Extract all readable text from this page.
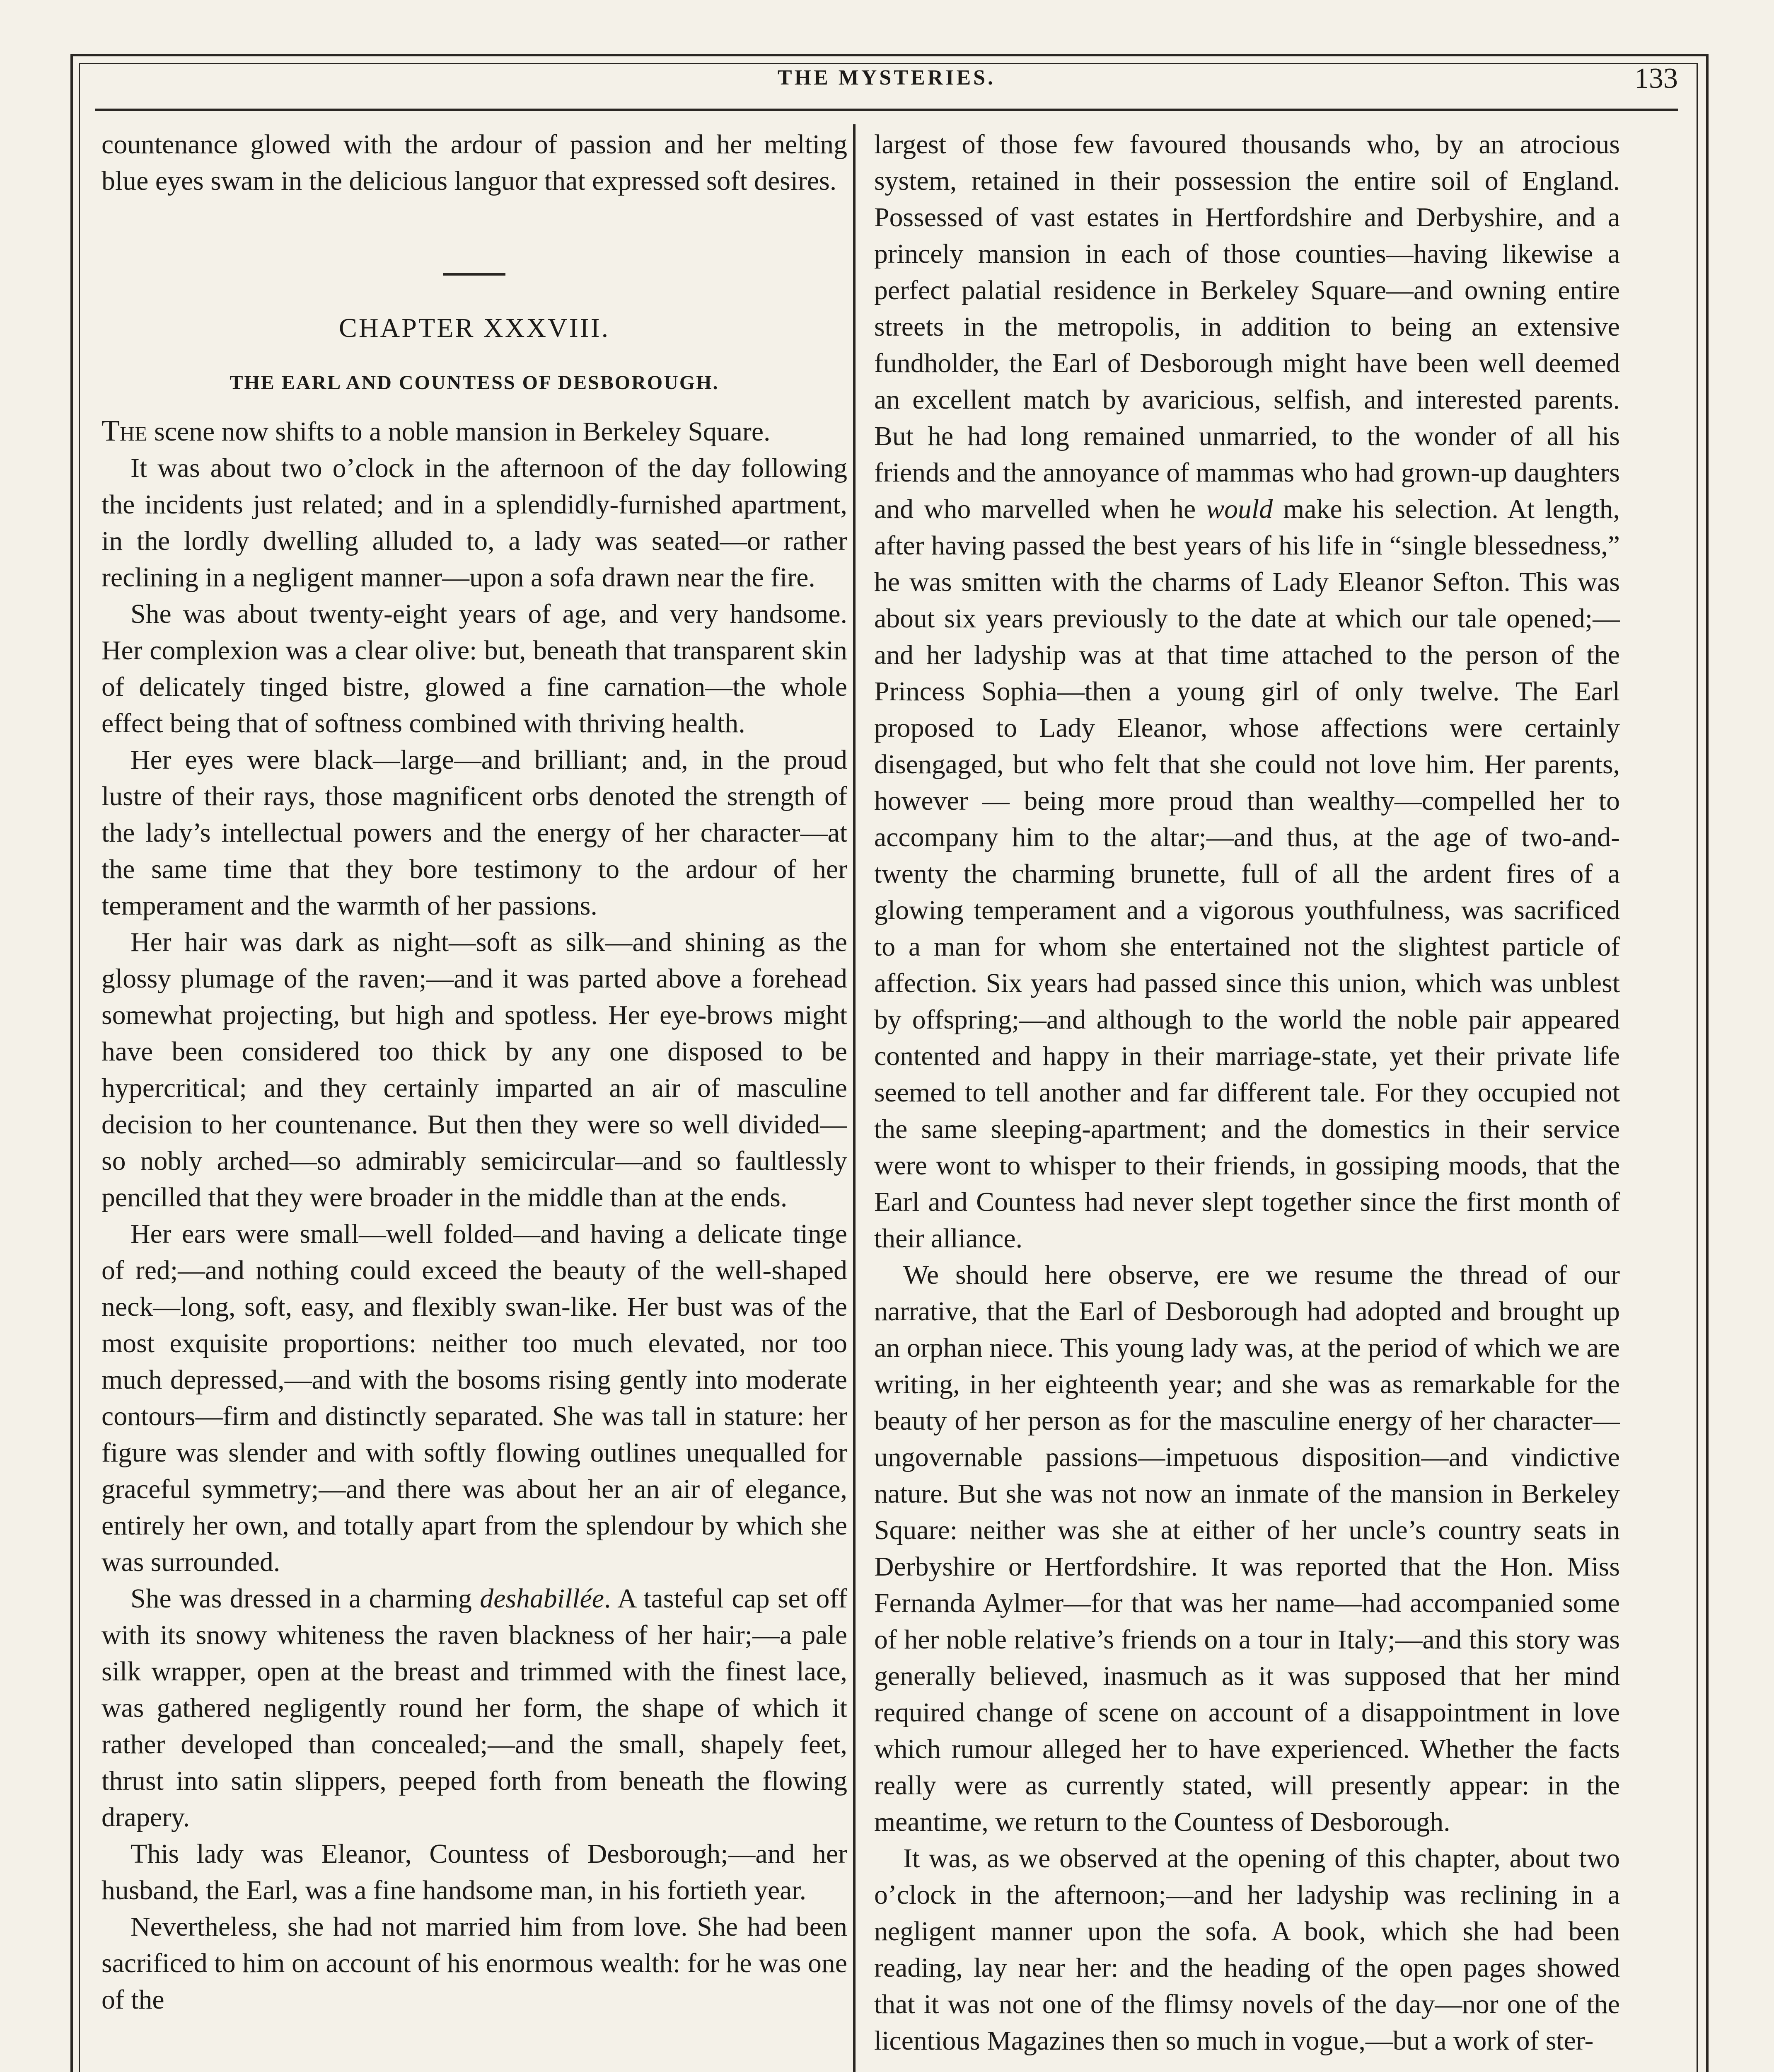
THE MYSTERIES.	133

countenance glowed with the ardour of passion and her melting blue eyes swam in the delicious languor that expressed soft desires.

CHAPTER XXXVIII.
THE EARL AND COUNTESS OF DESBOROUGH.

The scene now shifts to a noble mansion in Berkeley Square.

It was about two o’clock in the afternoon of the day following the incidents just related; and in a splendidly-furnished apartment, in the lordly dwelling alluded to, a lady was seated—or rather reclining in a negligent manner—upon a sofa drawn near the fire.

She was about twenty-eight years of age, and very handsome. Her complexion was a clear olive: but, beneath that transparent skin of delicately tinged bistre, glowed a fine carnation—the whole effect being that of softness combined with thriving health.

Her eyes were black—large—and brilliant; and, in the proud lustre of their rays, those magnificent orbs denoted the strength of the lady’s intellectual powers and the energy of her character—at the same time that they bore testimony to the ardour of her temperament and the warmth of her passions.

Her hair was dark as night—soft as silk—and shining as the glossy plumage of the raven;—and it was parted above a forehead somewhat projecting, but high and spotless. Her eye-brows might have been considered too thick by any one disposed to be hypercritical; and they certainly imparted an air of masculine decision to her countenance. But then they were so well divided—so nobly arched—so admirably semicircular—and so faultlessly pencilled that they were broader in the middle than at the ends.

Her ears were small—well folded—and having a delicate tinge of red;—and nothing could exceed the beauty of the well-shaped neck—long, soft, easy, and flexibly swan-like. Her bust was of the most exquisite proportions: neither too much elevated, nor too much depressed,—and with the bosoms rising gently into moderate contours—firm and distinctly separated. She was tall in stature: her figure was slender and with softly flowing outlines unequalled for graceful symmetry;—and there was about her an air of elegance, entirely her own, and totally apart from the splendour by which she was surrounded.

She was dressed in a charming deshabillée. A tasteful cap set off with its snowy whiteness the raven blackness of her hair;—a pale silk wrapper, open at the breast and trimmed with the finest lace, was gathered negligently round her form, the shape of which it rather developed than concealed;—and the small, shapely feet, thrust into satin slippers, peeped forth from beneath the flowing drapery.

This lady was Eleanor, Countess of Desborough;—and her husband, the Earl, was a fine handsome man, in his fortieth year.

Nevertheless, she had not married him from love. She had been sacrificed to him on account of his enormous wealth: for he was one of the

largest of those few favoured thousands who, by an atrocious system, retained in their possession the entire soil of England. Possessed of vast estates in Hertfordshire and Derbyshire, and a princely mansion in each of those counties—having likewise a perfect palatial residence in Berkeley Square—and owning entire streets in the metropolis, in addition to being an extensive fundholder, the Earl of Desborough might have been well deemed an excellent match by avaricious, selfish, and interested parents. But he had long remained unmarried, to the wonder of all his friends and the annoyance of mammas who had grown-up daughters and who marvelled when he would make his selection. At length, after having passed the best years of his life in “single blessedness,” he was smitten with the charms of Lady Eleanor Sefton. This was about six years previously to the date at which our tale opened;—and her ladyship was at that time attached to the person of the Princess Sophia—then a young girl of only twelve. The Earl proposed to Lady Eleanor, whose affections were certainly disengaged, but who felt that she could not love him. Her parents, however — being more proud than wealthy—compelled her to accompany him to the altar;—and thus, at the age of two-and-twenty the charming brunette, full of all the ardent fires of a glowing temperament and a vigorous youthfulness, was sacrificed to a man for whom she entertained not the slightest particle of affection. Six years had passed since this union, which was unblest by offspring;—and although to the world the noble pair appeared contented and happy in their marriage-state, yet their private life seemed to tell another and far different tale. For they occupied not the same sleeping-apartment; and the domestics in their service were wont to whisper to their friends, in gossiping moods, that the Earl and Countess had never slept together since the first month of their alliance.

We should here observe, ere we resume the thread of our narrative, that the Earl of Desborough had adopted and brought up an orphan niece. This young lady was, at the period of which we are writing, in her eighteenth year; and she was as remarkable for the beauty of her person as for the masculine energy of her character—ungovernable passions—impetuous disposition—and vindictive nature. But she was not now an inmate of the mansion in Berkeley Square: neither was she at either of her uncle’s country seats in Derbyshire or Hertfordshire. It was reported that the Hon. Miss Fernanda Aylmer—for that was her name—had accompanied some of her noble relative’s friends on a tour in Italy;—and this story was generally believed, inasmuch as it was supposed that her mind required change of scene on account of a disappointment in love which rumour alleged her to have experienced. Whether the facts really were as currently stated, will presently appear: in the meantime, we return to the Countess of Desborough.

It was, as we observed at the opening of this chapter, about two o’clock in the afternoon;—and her ladyship was reclining in a negligent manner upon the sofa. A book, which she had been reading, lay near her: and the heading of the open pages showed that it was not one of the flimsy novels of the day—nor one of the licentious Magazines then so much in vogue,—but a work of ster-
